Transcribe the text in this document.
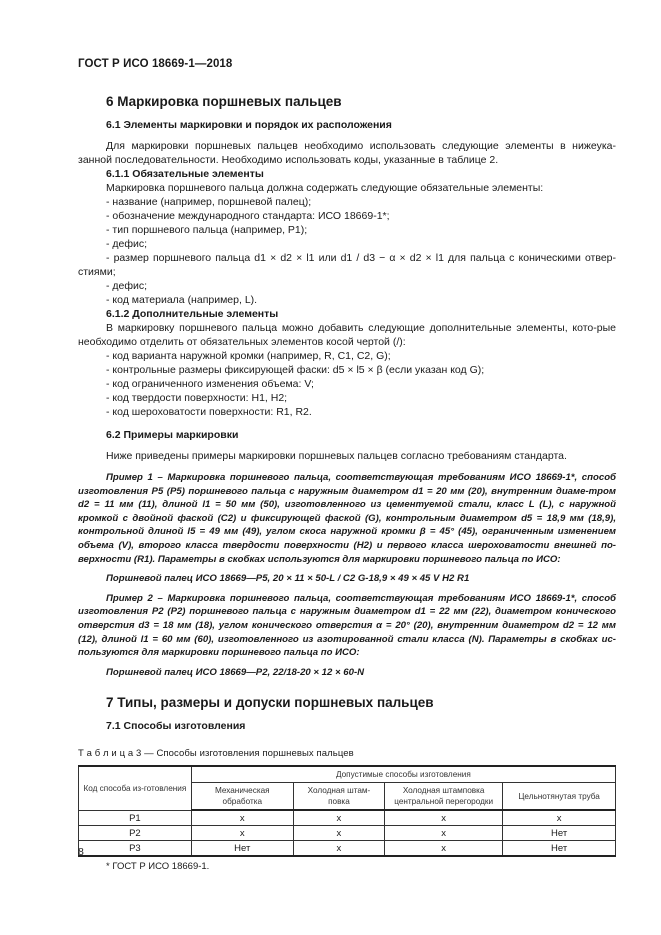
ГОСТ Р ИСО 18669-1—2018
6 Маркировка поршневых пальцев
6.1 Элементы маркировки и порядок их расположения

Для маркировки поршневых пальцев необходимо использовать следующие элементы в нижеука-занной последовательности. Необходимо использовать коды, указанные в таблице 2.

6.1.1 Обязательные элементы

Маркировка поршневого пальца должна содержать следующие обязательные элементы:

- название (например, поршневой палец);
- обозначение международного стандарта: ИСО 18669-1*;
- тип поршневого пальца (например, Р1);
- дефис;
- размер поршневого пальца d1 × d2 × l1 или d1 / d3 − α × d2 × l1 для пальца с коническими отвер-стиями;
- дефис;
- код материала (например, L).
6.1.2 Дополнительные элементы

В маркировку поршневого пальца можно добавить следующие дополнительные элементы, кото-рые необходимо отделить от обязательных элементов косой чертой (/):

- код варианта наружной кромки (например, R, C1, C2, G);
- контрольные размеры фиксирующей фаски: d5 × l5 × β (если указан код G);
- код ограниченного изменения объема: V;
- код твердости поверхности: H1, H2;
- код шероховатости поверхности: R1, R2.
6.2 Примеры маркировки

Ниже приведены примеры маркировки поршневых пальцев согласно требованиям стандарта.

Пример 1 – Маркировка поршневого пальца, соответствующая требованиям ИСО 18669-1*, способ изготовления Р5 (Р5) поршневого пальца с наружным диаметром d1 = 20 мм (20), внутренним диаме-тром d2 = 11 мм (11), длиной l1 = 50 мм (50), изготовленного из цементуемой стали, класс L (L), с наружной кромкой с двойной фаской (С2) и фиксирующей фаской (G), контрольным диаметром d5 = 18,9 мм (18,9), контрольной длиной l5 = 49 мм (49), углом скоса наружной кромки β = 45° (45), ограниченным изменением объема (V), второго класса твердости поверхности (Н2) и первого класса шероховатости внешней по-верхности (R1). Параметры в скобках используются для маркировки поршневого пальца по ИСО:

Поршневой палец ИСО 18669—Р5, 20 × 11 × 50-L / C2 G-18,9 × 49 × 45 V H2 R1

Пример 2 – Маркировка поршневого пальца, соответствующая требованиям ИСО 18669-1*, способ изготовления Р2 (Р2) поршневого пальца с наружным диаметром d1 = 22 мм (22), диаметром конического отверстия d3 = 18 мм (18), углом конического отверстия α = 20° (20), внутренним диаметром d2 = 12 мм (12), длиной l1 = 60 мм (60), изготовленного из азотированной стали класса (N). Параметры в скобках ис-пользуются для маркировки поршневого пальца по ИСО:

Поршневой палец ИСО 18669—Р2, 22/18-20 × 12 × 60-N

7 Типы, размеры и допуски поршневых пальцев
7.1 Способы изготовления
Т а б л и ц а 3 — Способы изготовления поршневых пальцев
Код способа из-готовления	Допустимые способы изготовления			
	Механическая обработка	Холодная штам-повка	Холодная штамповка центральной перегородки	Цельнотянутая труба
Р1	x	x	x	x
Р2	x	x	x	Нет
Р3	Нет	x	x	Нет
* ГОСТ Р ИСО 18669-1.
8
